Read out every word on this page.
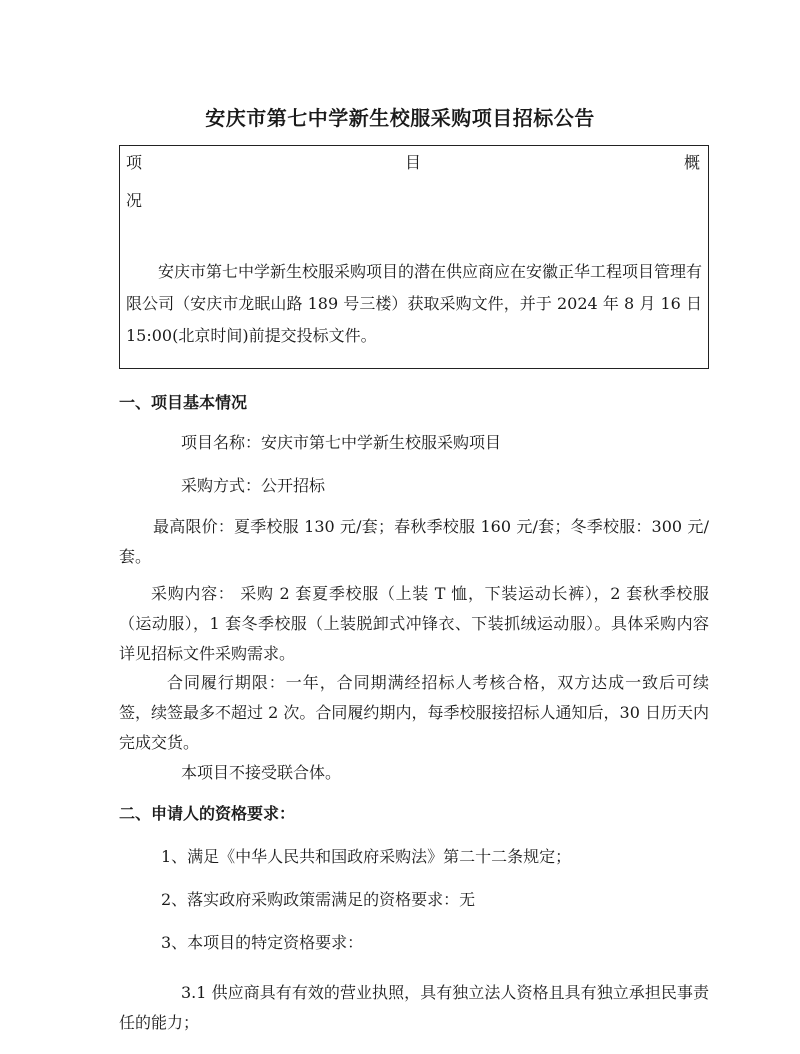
安庆市第七中学新生校服采购项目招标公告
项	目	概
况
安庆市第七中学新生校服采购项目的潜在供应商应在安徽正华工程项目管理有限公司（安庆市龙眠山路 189 号三楼）获取采购文件，并于 2024 年 8 月 16 日 15:00(北京时间)前提交投标文件。
一、项目基本情况
项目名称：安庆市第七中学新生校服采购项目
采购方式：公开招标
最高限价：夏季校服 130 元/套；春秋季校服 160 元/套；冬季校服：300 元/套。
采购内容： 采购 2 套夏季校服（上装 T 恤，下装运动长裤），2 套秋季校服（运动服），1 套冬季校服（上装脱卸式冲锋衣、下装抓绒运动服）。具体采购内容详见招标文件采购需求。
合同履行期限：一年，合同期满经招标人考核合格，双方达成一致后可续签，续签最多不超过 2 次。合同履约期内，每季校服接招标人通知后，30 日历天内完成交货。
本项目不接受联合体。
二、申请人的资格要求：
1、满足《中华人民共和国政府采购法》第二十二条规定；
2、落实政府采购政策需满足的资格要求：无
3、本项目的特定资格要求：
3.1 供应商具有有效的营业执照，具有独立法人资格且具有独立承担民事责任的能力；
